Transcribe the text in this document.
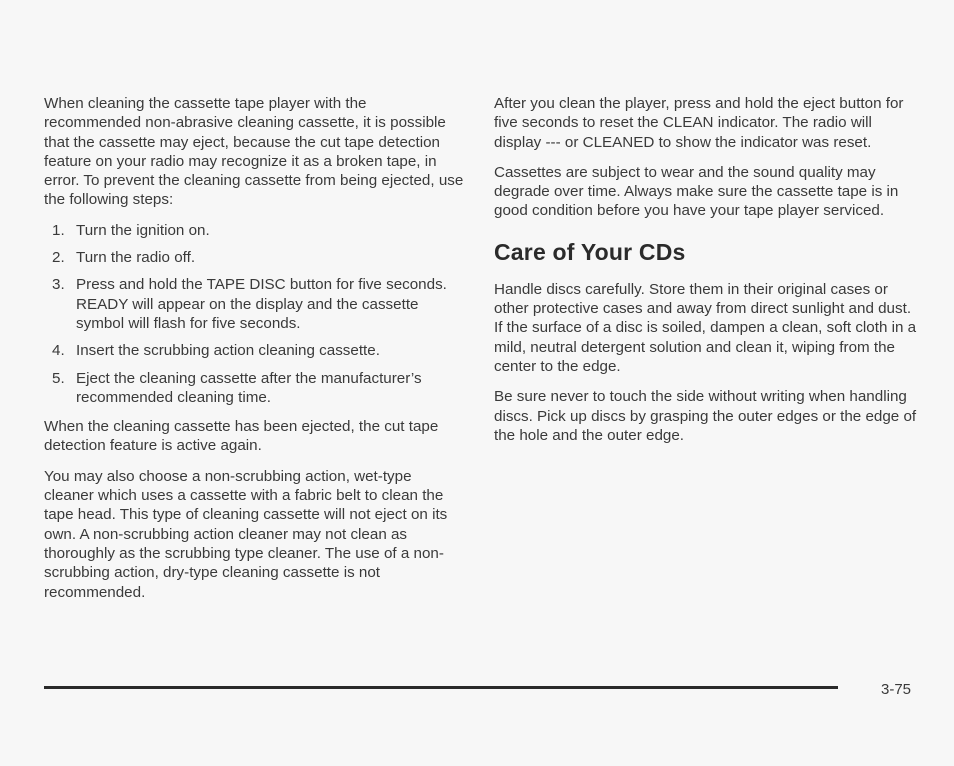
When cleaning the cassette tape player with the recommended non-abrasive cleaning cassette, it is possible that the cassette may eject, because the cut tape detection feature on your radio may recognize it as a broken tape, in error. To prevent the cleaning cassette from being ejected, use the following steps:

1. Turn the ignition on.
2. Turn the radio off.
3. Press and hold the TAPE DISC button for five seconds. READY will appear on the display and the cassette symbol will flash for five seconds.
4. Insert the scrubbing action cleaning cassette.
5. Eject the cleaning cassette after the manufacturer’s recommended cleaning time.

When the cleaning cassette has been ejected, the cut tape detection feature is active again.

You may also choose a non-scrubbing action, wet-type cleaner which uses a cassette with a fabric belt to clean the tape head. This type of cleaning cassette will not eject on its own. A non-scrubbing action cleaner may not clean as thoroughly as the scrubbing type cleaner. The use of a non-scrubbing action, dry-type cleaning cassette is not recommended.

After you clean the player, press and hold the eject button for five seconds to reset the CLEAN indicator. The radio will display --- or CLEANED to show the indicator was reset.

Cassettes are subject to wear and the sound quality may degrade over time. Always make sure the cassette tape is in good condition before you have your tape player serviced.

Care of Your CDs

Handle discs carefully. Store them in their original cases or other protective cases and away from direct sunlight and dust. If the surface of a disc is soiled, dampen a clean, soft cloth in a mild, neutral detergent solution and clean it, wiping from the center to the edge.

Be sure never to touch the side without writing when handling discs. Pick up discs by grasping the outer edges or the edge of the hole and the outer edge.

3-75
